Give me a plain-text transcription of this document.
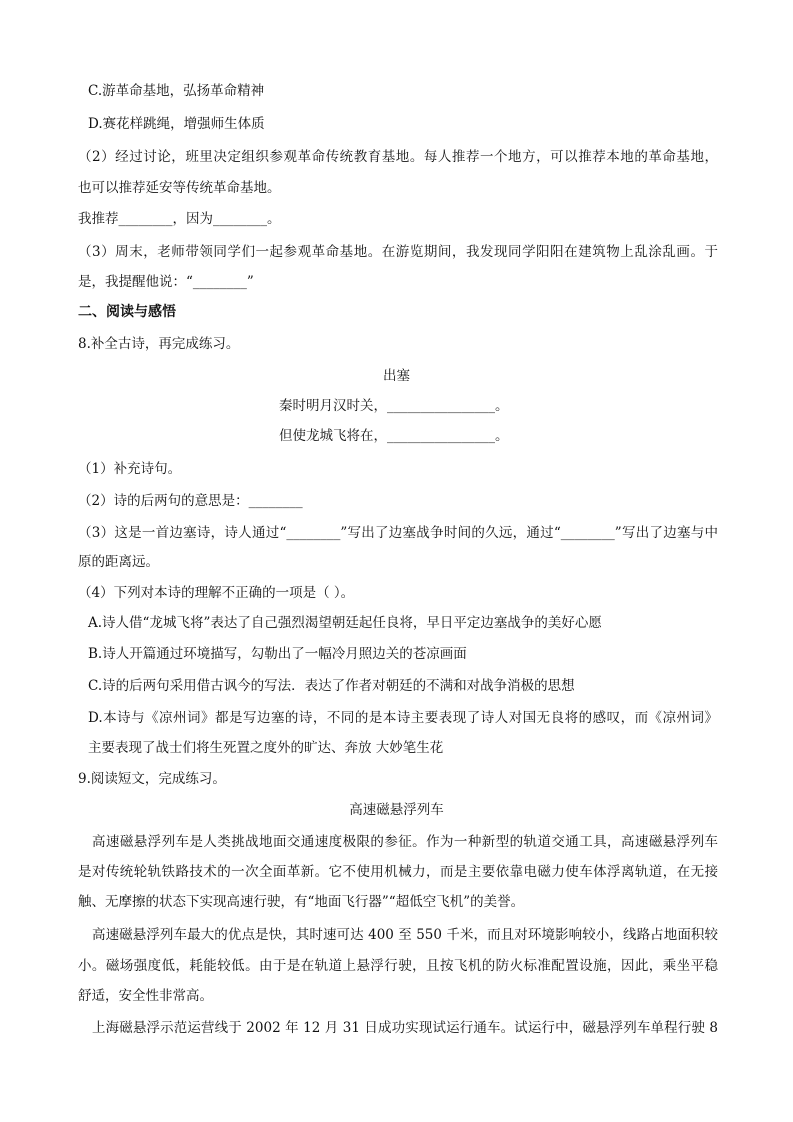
C.游革命基地，弘扬革命精神
D.赛花样跳绳，增强师生体质
（2）经过讨论，班里决定组织参观革命传统教育基地。每人推荐一个地方，可以推荐本地的革命基地，
也可以推荐延安等传统革命基地。
我推荐________，因为________。
（3）周末，老师带领同学们一起参观革命基地。在游览期间，我发现同学阳阳在建筑物上乱涂乱画。于
是，我提醒他说：“________”
二、阅读与感悟
8.补全古诗，再完成练习。
出塞
秦时明月汉时关，________________。
但使龙城飞将在，________________。
（1）补充诗句。
（2）诗的后两句的意思是：________
（3）这是一首边塞诗，诗人通过“________”写出了边塞战争时间的久远，通过“________”写出了边塞与中
原的距离远。
（4）下列对本诗的理解不正确的一项是（ ）。
A.诗人借“龙城飞将”表达了自己强烈渴望朝廷起任良将，早日平定边塞战争的美好心愿
B.诗人开篇通过环境描写，勾勒出了一幅冷月照边关的苍凉画面
C.诗的后两句采用借古讽今的写法．表达了作者对朝廷的不满和对战争消极的思想
D.本诗与《凉州词》都是写边塞的诗，不同的是本诗主要表现了诗人对国无良将的感叹，而《凉州词》
主要表现了战士们将生死置之度外的旷达、奔放 大妙笔生花
9.阅读短文，完成练习。
高速磁悬浮列车
高速磁悬浮列车是人类挑战地面交通速度极限的参征。作为一种新型的轨道交通工具，高速磁悬浮列车
是对传统轮轨铁路技术的一次全面革新。它不使用机械力，而是主要依靠电磁力使车体浮离轨道，在无接
触、无摩擦的状态下实现高速行驶，有“地面飞行器”“超低空飞机”的美誉。
高速磁悬浮列车最大的优点是快，其时速可达 400 至 550 千米，而且对环境影响较小，线路占地面积较
小。磁场强度低，耗能较低。由于是在轨道上悬浮行驶，且按飞机的防火标准配置设施，因此，乘坐平稳
舒适，安全性非常高。
上海磁悬浮示范运营线于 2002 年 12 月 31 日成功实现试运行通车。试运行中，磁悬浮列车单程行驶 8
